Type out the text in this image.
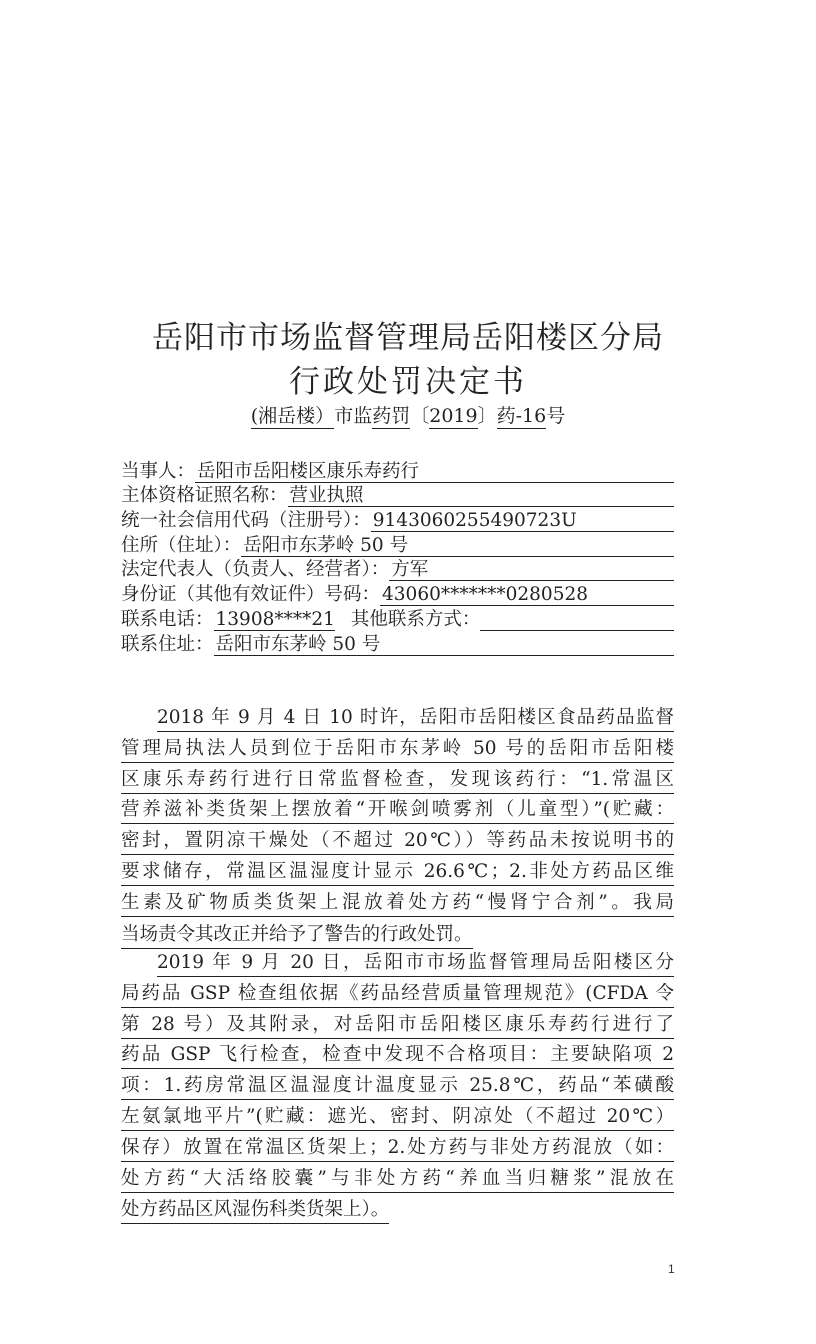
岳阳市市场监督管理局岳阳楼区分局
行政处罚决定书
(湘岳楼）市监药罚〔2019〕药-16号
当事人： 岳阳市岳阳楼区康乐寿药行
主体资格证照名称： 营业执照
统一社会信用代码（注册号）： 9143060255490723U
住所（住址）： 岳阳市东茅岭 50 号
法定代表人（负责人、经营者）： 方军
身份证（其他有效证件）号码： 43060*******0280528
联系电话： 13908****21 其他联系方式：
联系住址： 岳阳市东茅岭 50 号
2018 年 9 月 4 日 10 时许，岳阳市岳阳楼区食品药品监督
管理局执法人员到位于岳阳市东茅岭 50 号的岳阳市岳阳楼
区康乐寿药行进行日常监督检查，发现该药行：“1.常温区
营养滋补类货架上摆放着“开喉剑喷雾剂（儿童型）”(贮藏：
密封，置阴凉干燥处（不超过 20℃））等药品未按说明书的
要求储存，常温区温湿度计显示 26.6℃；2.非处方药品区维
生素及矿物质类货架上混放着处方药“慢肾宁合剂”。我局
当场责令其改正并给予了警告的行政处罚。
2019 年 9 月 20 日，岳阳市市场监督管理局岳阳楼区分
局药品 GSP 检查组依据《药品经营质量管理规范》(CFDA 令
第 28 号）及其附录，对岳阳市岳阳楼区康乐寿药行进行了
药品 GSP 飞行检查，检查中发现不合格项目：主要缺陷项 2
项：1.药房常温区温湿度计温度显示 25.8℃，药品“苯磺酸
左氨氯地平片”(贮藏：遮光、密封、阴凉处（不超过 20℃）
保存）放置在常温区货架上；2.处方药与非处方药混放（如：
处方药“大活络胶囊”与非处方药“养血当归糖浆”混放在
处方药品区风湿伤科类货架上）。
1
